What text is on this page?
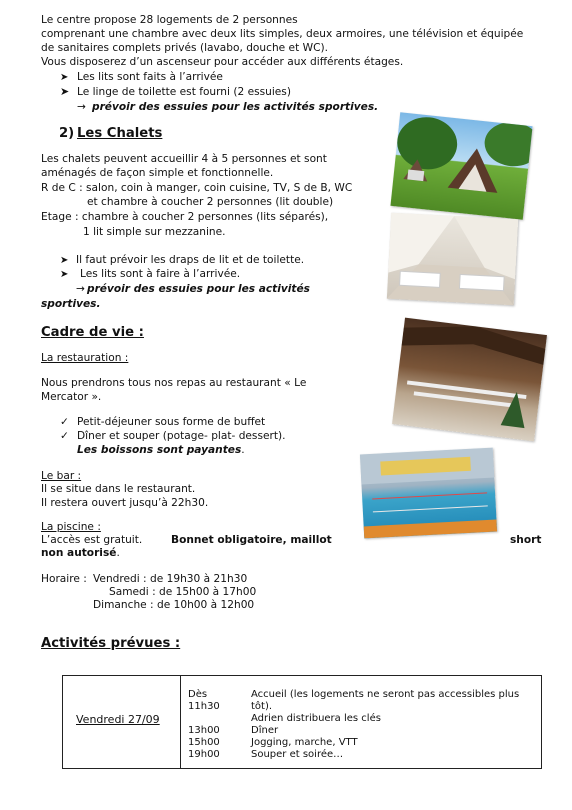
Le centre propose 28 logements de 2 personnes
comprenant une chambre avec deux lits simples, deux armoires, une télévision et équipée
de sanitaires complets privés (lavabo, douche et WC).
Vous disposerez d’un ascenseur pour accéder aux différents étages.
➤ Les lits sont faits à l’arrivée
➤ Le linge de toilette est fourni (2 essuies)
→ prévoir des essuies pour les activités sportives.
2) Les Chalets
Les chalets peuvent accueillir 4 à 5 personnes et sont
aménagés de façon simple et fonctionnelle.
R de C : salon, coin à manger, coin cuisine, TV, S de B, WC
et chambre à coucher 2 personnes (lit double)
Etage : chambre à coucher 2 personnes (lits séparés),
1 lit simple sur mezzanine.
➤ Il faut prévoir les draps de lit et de toilette.
➤ Les lits sont à faire à l’arrivée.
→ prévoir des essuies pour les activités
sportives.
Cadre de vie :
La restauration :
Nous prendrons tous nos repas au restaurant « Le
Mercator ».
✓ Petit-déjeuner sous forme de buffet
✓ Dîner et souper (potage- plat- dessert).
Les boissons sont payantes.
Le bar :
Il se situe dans le restaurant.
Il restera ouvert jusqu’à 22h30.
La piscine :
L’accès est gratuit.	Bonnet obligatoire, maillot	short
non autorisé.
Horaire : Vendredi : de 19h30 à 21h30
Samedi : de 15h00 à 17h00
Dimanche : de 10h00 à 12h00
Activités prévues :
Vendredi 27/09
Dès	Accueil (les logements ne seront pas accessibles plus
11h30	tôt).
Adrien distribuera les clés
13h00	Dîner
15h00	Jogging, marche, VTT
19h00	Souper et soirée…
